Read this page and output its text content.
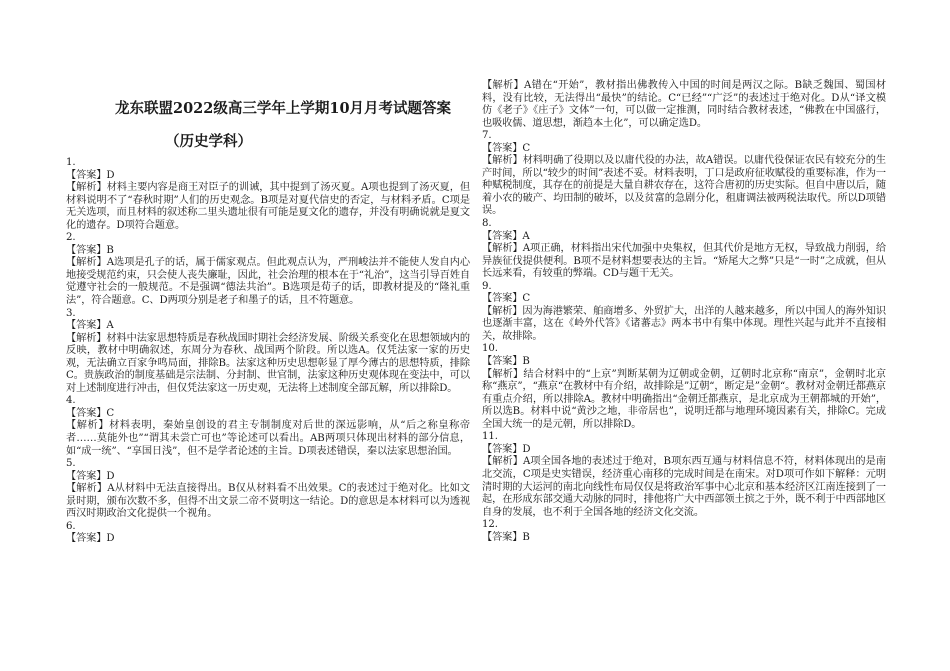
龙东联盟2022级高三学年上学期10月月考试题答案
（历史学科）
1.
【答案】D
【解析】材料主要内容是商王对臣子的训诫，其中提到了汤灭夏。A项也提到了汤灭夏，但材料说明不了“春秋时期”人们的历史观念。B项是对夏代信史的否定，与材料矛盾。C项是无关选项，而且材料的叙述称二里头遗址很有可能是夏文化的遗存，并没有明确说就是夏文化的遗存。D项符合题意。
2.
【答案】B
【解析】A选项是孔子的话，属于儒家观点。但此观点认为，严刑峻法并不能使人发自内心地接受规范约束，只会使人丧失廉耻，因此，社会治理的根本在于“礼治”，这当引导百姓自觉遵守社会的一般规范。不是强调“德法共治”。B选项是荀子的话，即教材提及的“隆礼重法”，符合题意。C、D两项分别是老子和墨子的话，且不符题意。
3.
【答案】A
【解析】材料中法家思想特质是春秋战国时期社会经济发展、阶级关系变化在思想领域内的反映，教材中明确叙述，东周分为春秋、战国两个阶段。所以选A。仅凭法家一家的历史观，无法确立百家争鸣局面，排除B。法家这种历史思想彰显了厚今薄古的思想特质，排除C。贵族政治的制度基础是宗法制、分封制、世官制，法家这种历史观体现在变法中，可以对上述制度进行冲击，但仅凭法家这一历史观，无法将上述制度全部瓦解，所以排除D。
4.
【答案】C
【解析】材料表明，秦始皇创设的君主专制制度对后世的深远影响，从“后之称皇称帝者……莫能外也”“谓其未尝亡可也”等论述可以看出。AB两项只体现出材料的部分信息，如“成一统”、“享国日浅”，但不是学者论述的主旨。D项表述错误，秦以法家思想治国。
5.
【答案】D
【解析】A从材料中无法直接得出。B仅从材料看不出效果。C的表述过于绝对化。比如文景时期，颁布次数不多，但得不出文景二帝不贤明这一结论。D的意思是本材料可以为透视西汉时期政治文化提供一个视角。
6.
【答案】D
【解析】A错在“开始”，教材指出佛教传入中国的时间是两汉之际。B缺乏魏国、蜀国材料，没有比较，无法得出“最快”的结论。C“已经”“广泛”的表述过于绝对化。D从“译文模仿《老子》《庄子》文体”一句，可以做一定推测，同时结合教材表述，“佛教在中国盛行，也吸收儒、道思想，渐趋本土化”，可以确定选D。
7.
【答案】C
【解析】材料明确了役期以及以庸代役的办法，故A错误。以庸代役保证农民有较充分的生产时间，所以“较少的时间”表述不妥。材料表明，丁口是政府征收赋役的重要标准，作为一种赋税制度，其存在的前提是大量自耕农存在，这符合唐初的历史实际。但自中唐以后，随着小农的破产、均田制的破坏，以及贫富的急剧分化，租庸调法被两税法取代。所以D项错误。
8.
【答案】A
【解析】A项正确，材料指出宋代加强中央集权，但其代价是地方无权，导致战力削弱，给异族征伐提供便利。B项不是材料想要表达的主旨。“矫尾大之弊”只是“一时”之成就，但从长远来看，有较重的弊端。CD与题干无关。
9.
【答案】C
【解析】因为海港繁荣、舶商增多、外贸扩大，出洋的人越来越多，所以中国人的海外知识也逐渐丰富，这在《岭外代答》《诸蕃志》两本书中有集中体现。理性兴起与此并不直接相关，故排除。
10.
【答案】B
【解析】结合材料中的“上京”判断某朝为辽朝或金朝，辽朝时北京称“南京”，金朝时北京称“燕京”，“燕京“在教材中有介绍，故排除是”辽朝“，断定是”金朝“。教材对金朝迁都燕京有重点介绍，所以排除A。教材中明确指出“金朝迁都燕京，是北京成为王朝都城的开始”，所以选B。材料中说“黄沙之地，非帝居也”，说明迁都与地理环境因素有关，排除C。完成全国大统一的是元朝，所以排除D。
11.
【答案】D
【解析】A项全国各地的表述过于绝对，B项东西互通与材料信息不符，材料体现出的是南北交流，C项是史实错误，经济重心南移的完成时间是在南宋。对D项可作如下解释：元明清时期的大运河的南北向线性布局仅仅是将政治军事中心北京和基本经济区江南连接到了一起，在形成东部交通大动脉的同时，排他将广大中西部领土摈之于外，既不利于中西部地区自身的发展，也不利于全国各地的经济文化交流。
12.
【答案】B
